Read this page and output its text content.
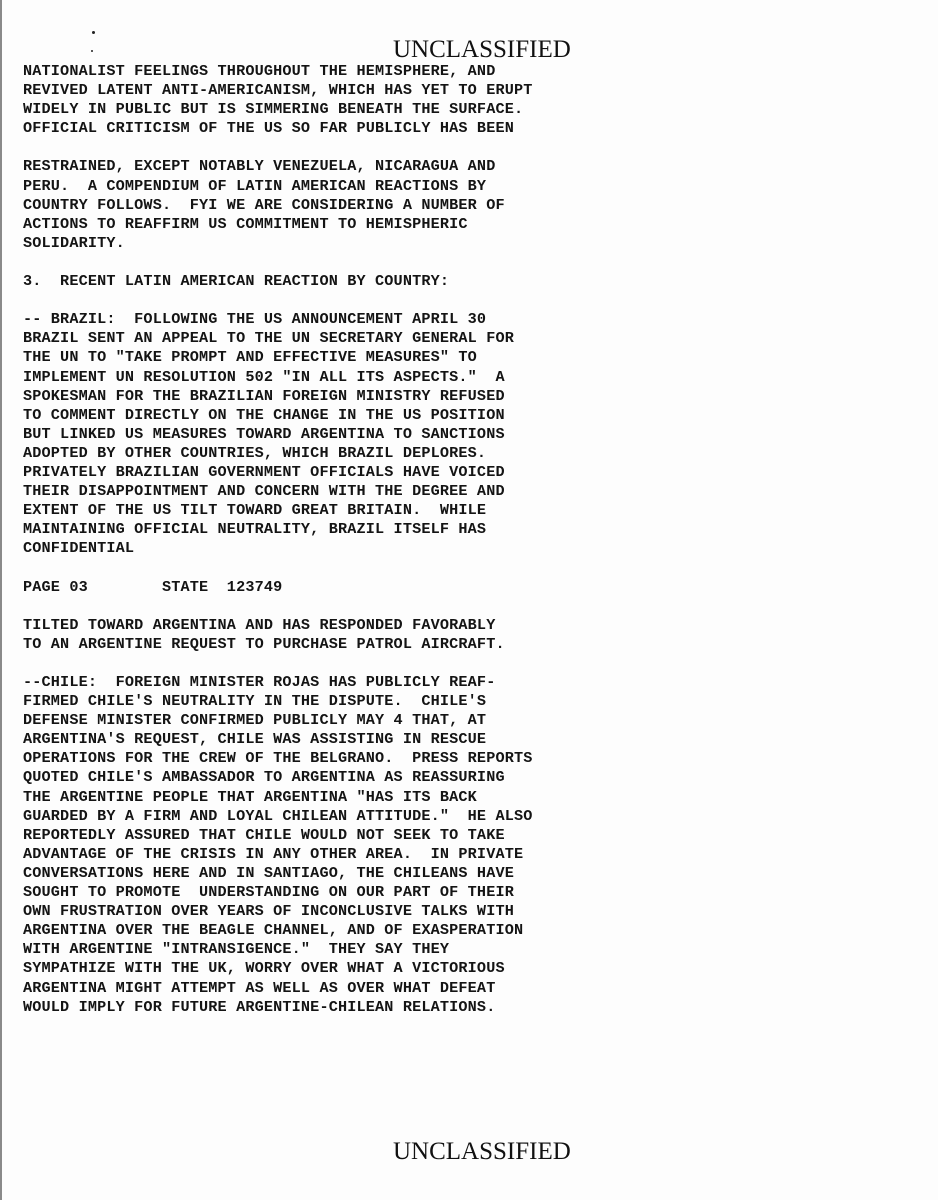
UNCLASSIFIED
NATIONALIST FEELINGS THROUGHOUT THE HEMISPHERE, AND
REVIVED LATENT ANTI-AMERICANISM, WHICH HAS YET TO ERUPT
WIDELY IN PUBLIC BUT IS SIMMERING BENEATH THE SURFACE.
OFFICIAL CRITICISM OF THE US SO FAR PUBLICLY HAS BEEN
RESTRAINED, EXCEPT NOTABLY VENEZUELA, NICARAGUA AND
PERU.  A COMPENDIUM OF LATIN AMERICAN REACTIONS BY
COUNTRY FOLLOWS.  FYI WE ARE CONSIDERING A NUMBER OF
ACTIONS TO REAFFIRM US COMMITMENT TO HEMISPHERIC
SOLIDARITY.
3.  RECENT LATIN AMERICAN REACTION BY COUNTRY:
-- BRAZIL:  FOLLOWING THE US ANNOUNCEMENT APRIL 30
BRAZIL SENT AN APPEAL TO THE UN SECRETARY GENERAL FOR
THE UN TO "TAKE PROMPT AND EFFECTIVE MEASURES" TO
IMPLEMENT UN RESOLUTION 502 "IN ALL ITS ASPECTS."  A
SPOKESMAN FOR THE BRAZILIAN FOREIGN MINISTRY REFUSED
TO COMMENT DIRECTLY ON THE CHANGE IN THE US POSITION
BUT LINKED US MEASURES TOWARD ARGENTINA TO SANCTIONS
ADOPTED BY OTHER COUNTRIES, WHICH BRAZIL DEPLORES.
PRIVATELY BRAZILIAN GOVERNMENT OFFICIALS HAVE VOICED
THEIR DISAPPOINTMENT AND CONCERN WITH THE DEGREE AND
EXTENT OF THE US TILT TOWARD GREAT BRITAIN.  WHILE
MAINTAINING OFFICIAL NEUTRALITY, BRAZIL ITSELF HAS
CONFIDENTIAL
PAGE 03        STATE  123749
TILTED TOWARD ARGENTINA AND HAS RESPONDED FAVORABLY
TO AN ARGENTINE REQUEST TO PURCHASE PATROL AIRCRAFT.
--CHILE:  FOREIGN MINISTER ROJAS HAS PUBLICLY REAF-
FIRMED CHILE'S NEUTRALITY IN THE DISPUTE.  CHILE'S
DEFENSE MINISTER CONFIRMED PUBLICLY MAY 4 THAT, AT
ARGENTINA'S REQUEST, CHILE WAS ASSISTING IN RESCUE
OPERATIONS FOR THE CREW OF THE BELGRANO.  PRESS REPORTS
QUOTED CHILE'S AMBASSADOR TO ARGENTINA AS REASSURING
THE ARGENTINE PEOPLE THAT ARGENTINA "HAS ITS BACK
GUARDED BY A FIRM AND LOYAL CHILEAN ATTITUDE."  HE ALSO
REPORTEDLY ASSURED THAT CHILE WOULD NOT SEEK TO TAKE
ADVANTAGE OF THE CRISIS IN ANY OTHER AREA.  IN PRIVATE
CONVERSATIONS HERE AND IN SANTIAGO, THE CHILEANS HAVE
SOUGHT TO PROMOTE  UNDERSTANDING ON OUR PART OF THEIR
OWN FRUSTRATION OVER YEARS OF INCONCLUSIVE TALKS WITH
ARGENTINA OVER THE BEAGLE CHANNEL, AND OF EXASPERATION
WITH ARGENTINE "INTRANSIGENCE."  THEY SAY THEY
SYMPATHIZE WITH THE UK, WORRY OVER WHAT A VICTORIOUS
ARGENTINA MIGHT ATTEMPT AS WELL AS OVER WHAT DEFEAT
WOULD IMPLY FOR FUTURE ARGENTINE-CHILEAN RELATIONS.
UNCLASSIFIED
